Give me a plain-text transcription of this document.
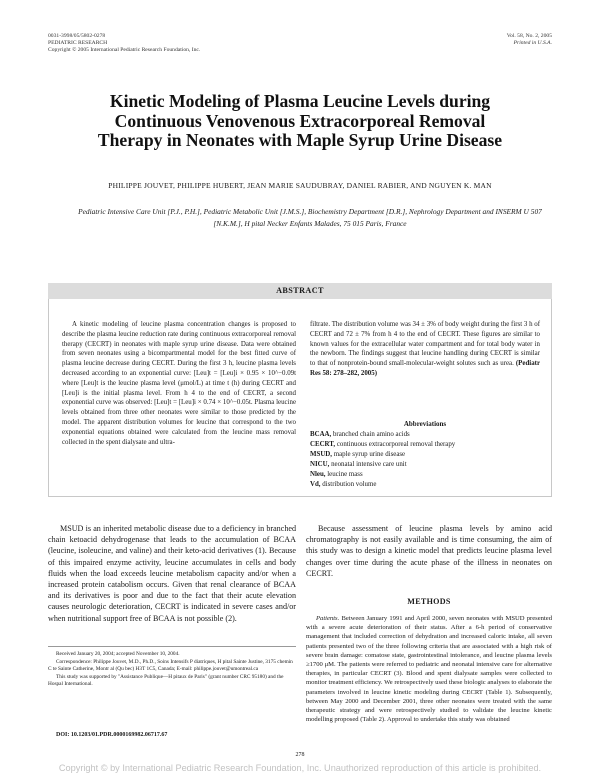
0031-3998/05/5802-0278
PEDIATRIC RESEARCH
Copyright © 2005 International Pediatric Research Foundation, Inc.
Vol. 58, No. 2, 2005
Printed in U.S.A.
Kinetic Modeling of Plasma Leucine Levels during Continuous Venovenous Extracorporeal Removal Therapy in Neonates with Maple Syrup Urine Disease
PHILIPPE JOUVET, PHILIPPE HUBERT, JEAN MARIE SAUDUBRAY, DANIEL RABIER, AND NGUYEN K. MAN
Pediatric Intensive Care Unit [P.J., P.H.], Pediatric Metabolic Unit [J.M.S.], Biochemistry Department [D.R.], Nephrology Department and INSERM U 507 [N.K.M.], H pital Necker Enfants Malades, 75 015 Paris, France
ABSTRACT

A kinetic modeling of leucine plasma concentration changes is proposed to describe the plasma leucine reduction rate during continuous extracorporeal removal therapy (CECRT) in neonates with maple syrup urine disease. Data were obtained from seven neonates using a bicompartmental model for the best fitted curve of plasma leucine decrease during CECRT. During the first 3 h, leucine plasma levels decreased according to an exponential curve: [Leu]t = [Leu]i × 0.95 × 10^−0.09t where [Leu]t is the leucine plasma level (μmol/L) at time t (h) during CECRT and [Leu]i is the initial plasma level. From h 4 to the end of CECRT, a second exponential curve was observed: [Leu]t = [Leu]i × 0.74 × 10^−0.05t. Plasma leucine levels obtained from three other neonates were similar to those predicted by the model. The apparent distribution volumes for leucine that correspond to the two exponential equations obtained were calculated from the leucine mass removal collected in the spent dialysate and ultra-

filtrate. The distribution volume was 34 ± 3% of body weight during the first 3 h of CECRT and 72 ± 7% from h 4 to the end of CECRT. These figures are similar to known values for the extracellular water compartment and for total body water in the newborn. The findings suggest that leucine handling during CECRT is similar to that of nonprotein-bound small-molecular-weight solutes such as urea. (Pediatr Res 58: 278–282, 2005)

Abbreviations
BCAA, branched chain amino acids
CECRT, continuous extracorporeal removal therapy
MSUD, maple syrup urine disease
NICU, neonatal intensive care unit
Nleu, leucine mass
Vd, distribution volume

MSUD is an inherited metabolic disease due to a deficiency in branched chain ketoacid dehydrogenase that leads to the accumulation of BCAA (leucine, isoleucine, and valine) and their keto-acid derivatives (1). Because of this impaired enzyme activity, leucine accumulates in cells and body fluids when the load exceeds leucine metabolism capacity and/or when a increased protein catabolism occurs. Given that renal clearance of BCAA and its derivatives is poor and due to the fact that their acute elevation causes neurologic deterioration, CECRT is indicated in severe cases and/or when nutritional support free of BCAA is not possible (2).

Because assessment of leucine plasma levels by amino acid chromatography is not easily available and is time consuming, the aim of this study was to design a kinetic model that predicts leucine plasma level changes over time during the acute phase of the illness in neonates on CECRT.

METHODS

Patients. Between January 1991 and April 2000, seven neonates with MSUD presented with a severe acute deterioration of their status. After a 6-h period of conservative management that included correction of dehydration and increased caloric intake, all seven patients presented two of the three following criteria that are associated with a high risk of severe brain damage: comatose state, gastrointestinal intolerance, and leucine plasma levels ≥1700 μM. The patients were referred to pediatric and neonatal intensive care for alternative therapies, in particular CECRT (3). Blood and spent dialysate samples were collected to monitor treatment efficiency. We retrospectively used these biologic analyses to elaborate the parameters involved in leucine kinetic modeling during CECRT (Table 1). Subsequently, between May 2000 and December 2001, three other neonates were treated with the same therapeutic strategy and were retrospectively studied to validate the leucine kinetic modelling proposed (Table 2). Approval to undertake this study was obtained

Received January 20, 2004; accepted November 10, 2004.

Correspondence: Philippe Jouvet, M.D., Ph.D., Soins Intensifs P diatriques, H pital Sainte Justine, 3175 chemin C te Sainte Catherine, Montr al (Qu bec) H3T 1C5, Canada; E-mail: philippe.jouvet@umontreal.ca

This study was supported by "Assistance Publique—H pitaux de Paris" (grant number CRC 95180) and the Hospal International.

DOI: 10.1203/01.PDR.0000169982.06717.67
278
Copyright © by International Pediatric Research Foundation, Inc. Unauthorized reproduction of this article is prohibited.
